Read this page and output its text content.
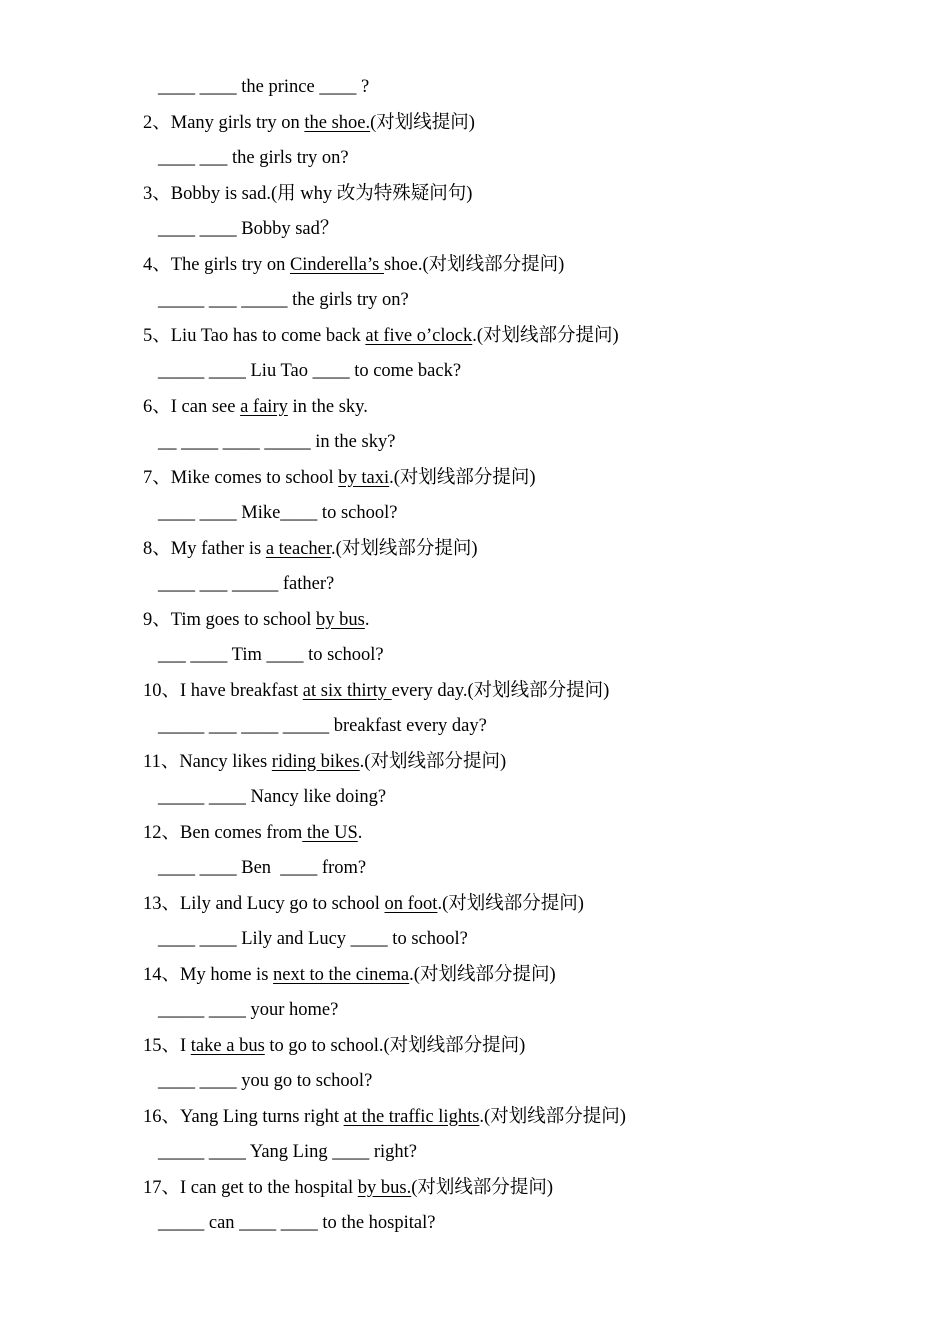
____ ____ the prince ____ ?
2、Many girls try on the shoe.(对划线提问)
____ ___ the girls try on?
3、Bobby is sad.(用 why 改为特殊疑问句)
____ ____ Bobby sad？
4、The girls try on Cinderella’s shoe.(对划线部分提问)
_____ ___ _____ the girls try on?
5、Liu Tao has to come back at five o’clock.(对划线部分提问)
_____ ____ Liu Tao ____ to come back?
6、I can see a fairy in the sky.
__ ____ ____ _____ in the sky?
7、Mike comes to school by taxi.(对划线部分提问)
____ ____ Mike____ to school?
8、My father is a teacher.(对划线部分提问)
____ ___ _____ father?
9、Tim goes to school by bus.
___ ____ Tim ____ to school?
10、I have breakfast at six thirty every day.(对划线部分提问)
_____ ___ ____ _____ breakfast every day?
11、Nancy likes riding bikes.(对划线部分提问)
_____ ____ Nancy like doing?
12、Ben comes from the US.
____ ____ Ben  ____ from?
13、Lily and Lucy go to school on foot.(对划线部分提问)
____ ____ Lily and Lucy ____ to school?
14、My home is next to the cinema.(对划线部分提问)
_____ ____ your home?
15、I take a bus to go to school.(对划线部分提问)
____ ____ you go to school?
16、Yang Ling turns right at the traffic lights.(对划线部分提问)
_____ ____ Yang Ling ____ right?
17、I can get to the hospital by bus.(对划线部分提问)
_____ can ____ ____ to the hospital?
